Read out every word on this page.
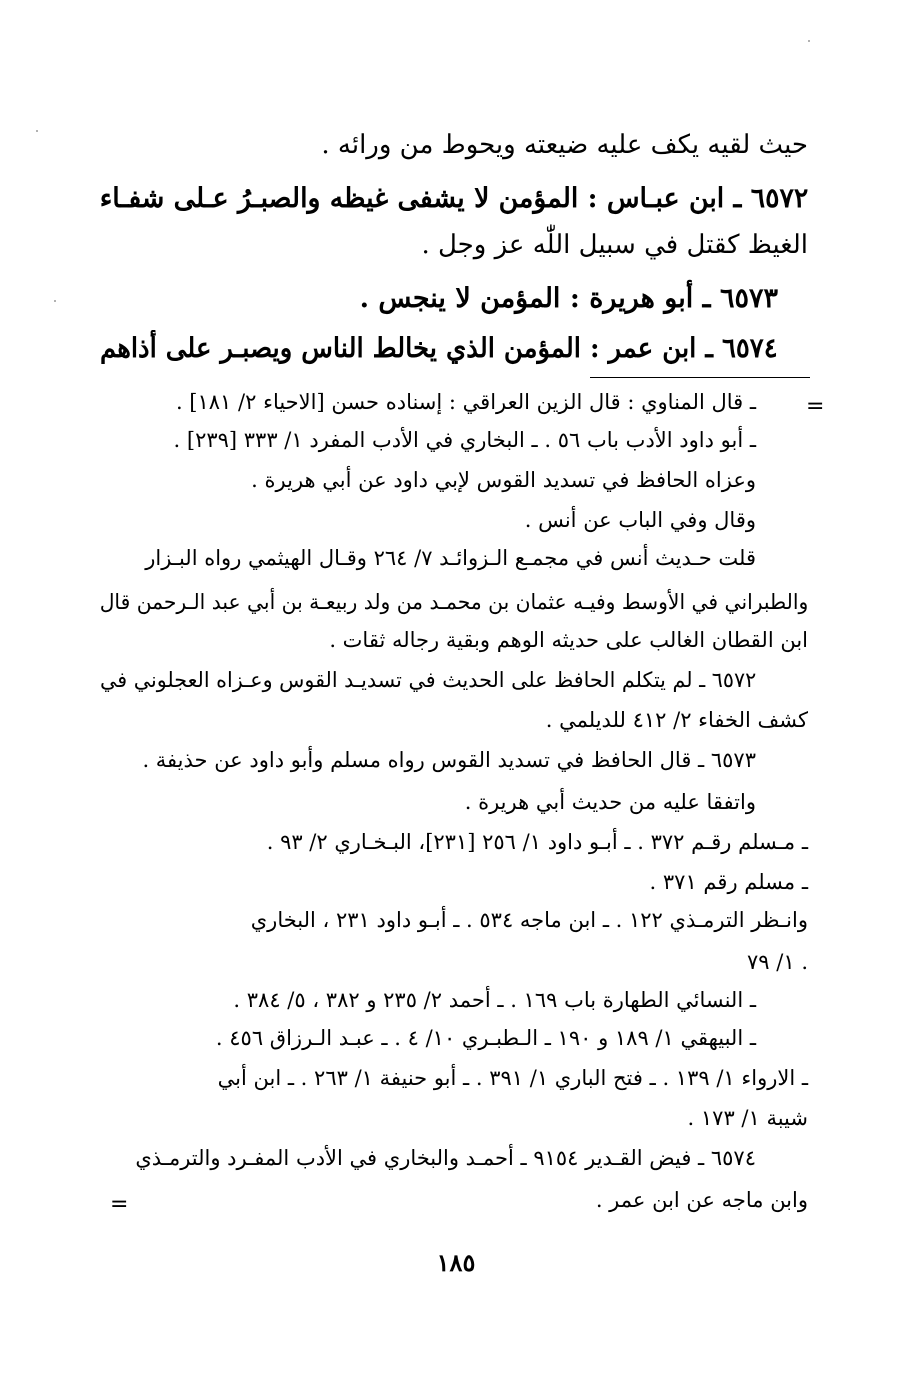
حيث لقيه يكف عليه ضيعته ويحوط من ورائه .
٦٥٧٢ ـ ابن عبـاس : المؤمن لا يشفى غيظه والصبـرُ عـلى شفـاء
الغيظ كقتل في سبيل اللّٰه عز وجل .
٦٥٧٣ ـ أبو هريرة : المؤمن لا ينجس .
٦٥٧٤ ـ ابن عمر : المؤمن الذي يخالط الناس ويصبـر على أذاهم
=
ـ قال المناوي : قال الزين العراقي : إسناده حسن [الاحياء ٢/ ١٨١] .
ـ أبو داود الأدب باب ٥٦ . ـ البخاري في الأدب المفرد ١/ ٣٣٣ [٢٣٩] .
وعزاه الحافظ في تسديد القوس لإبي داود عن أبي هريرة .
وقال وفي الباب عن أنس .
قلت حـديث أنس في مجمـع الـزوائـد ٧/ ٢٦٤ وقـال الهيثمي رواه البـزار
والطبراني في الأوسط وفيـه عثمان بن محمـد من ولد ربيعـة بن أبي عبد الـرحمن قال
ابن القطان الغالب على حديثه الوهم وبقية رجاله ثقات .
٦٥٧٢ ـ لم يتكلم الحافظ على الحديث في تسديـد القوس وعـزاه العجلوني في
كشف الخفاء ٢/ ٤١٢ للديلمي .
٦٥٧٣ ـ قال الحافظ في تسديد القوس رواه مسلم وأبو داود عن حذيفة .
واتفقا عليه من حديث أبي هريرة .
ـ مـسلم رقـم ٣٧٢ . ـ أبـو داود ١/ ٢٥٦ [٢٣١]، البـخـاري ٢/ ٩٣ .
ـ مسلم رقم ٣٧١ .
وانـظر الترمـذي ١٢٢ . ـ ابن ماجه ٥٣٤ . ـ أبـو داود ٢٣١ ، البخاري
١/ ٧٩ .
ـ النسائي الطهارة باب ١٦٩ . ـ أحمد ٢/ ٢٣٥ و ٣٨٢ ، ٥/ ٣٨٤ .
ـ البيهقي ١/ ١٨٩ و ١٩٠ ـ الـطبـري ١٠/ ٤ . ـ عبـد الـرزاق ٤٥٦ .
ـ الارواء ١/ ١٣٩ . ـ فتح الباري ١/ ٣٩١ . ـ أبو حنيفة ١/ ٢٦٣ . ـ ابن أبي
شيبة ١/ ١٧٣ .
٦٥٧٤ ـ فيض القـدير ٩١٥٤ ـ أحمـد والبخاري في الأدب المفـرد والترمـذي
وابن ماجه عن ابن عمر .
=
١٨٥
